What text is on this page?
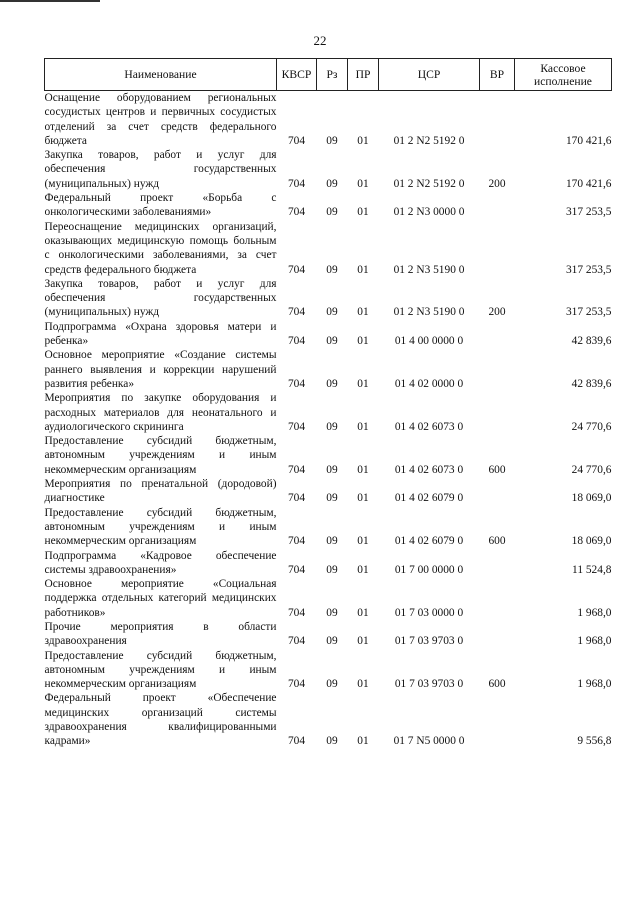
22
Наименование	КВСР	Рз	ПР	ЦСР	ВР	Кассовое исполнение
Оснащение оборудованием региональных сосудистых центров и первичных сосудистых отделений за счет средств федерального бюджета	704	09	01	01 2 N2 5192 0		170 421,6
Закупка товаров, работ и услуг для обеспечения государственных (муниципальных) нужд	704	09	01	01 2 N2 5192 0	200	170 421,6
Федеральный проект «Борьба с онкологическими заболеваниями»	704	09	01	01 2 N3 0000 0		317 253,5
Переоснащение медицинских организаций, оказывающих медицинскую помощь больным с онкологическими заболеваниями, за счет средств федерального бюджета	704	09	01	01 2 N3 5190 0		317 253,5
Закупка товаров, работ и услуг для обеспечения государственных (муниципальных) нужд	704	09	01	01 2 N3 5190 0	200	317 253,5
Подпрограмма «Охрана здоровья матери и ребенка»	704	09	01	01 4 00 0000 0		42 839,6
Основное мероприятие «Создание системы раннего выявления и коррекции нарушений развития ребенка»	704	09	01	01 4 02 0000 0		42 839,6
Мероприятия по закупке оборудования и расходных материалов для неонатального и аудиологического скрининга	704	09	01	01 4 02 6073 0		24 770,6
Предоставление субсидий бюджетным, автономным учреждениям и иным некоммерческим организациям	704	09	01	01 4 02 6073 0	600	24 770,6
Мероприятия по пренатальной (дородовой) диагностике	704	09	01	01 4 02 6079 0		18 069,0
Предоставление субсидий бюджетным, автономным учреждениям и иным некоммерческим организациям	704	09	01	01 4 02 6079 0	600	18 069,0
Подпрограмма «Кадровое обеспечение системы здравоохранения»	704	09	01	01 7 00 0000 0		11 524,8
Основное мероприятие «Социальная поддержка отдельных категорий медицинских работников»	704	09	01	01 7 03 0000 0		1 968,0
Прочие мероприятия в области здравоохранения	704	09	01	01 7 03 9703 0		1 968,0
Предоставление субсидий бюджетным, автономным учреждениям и иным некоммерческим организациям	704	09	01	01 7 03 9703 0	600	1 968,0
Федеральный проект «Обеспечение медицинских организаций системы здравоохранения квалифицированными кадрами»	704	09	01	01 7 N5 0000 0		9 556,8
